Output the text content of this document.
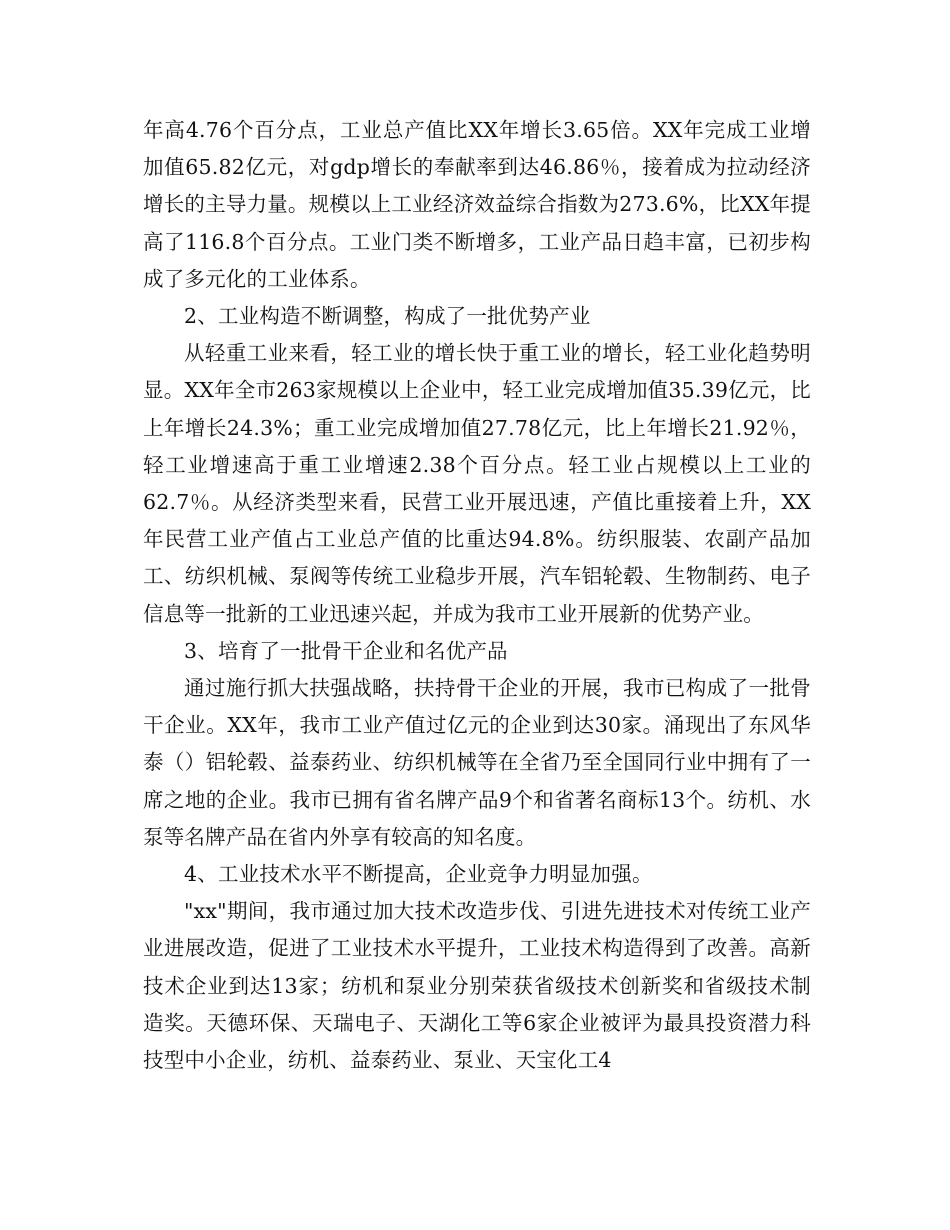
年高4.76个百分点，工业总产值比XX年增长3.65倍。XX年完成工业增加值65.82亿元，对gdp增长的奉献率到达46.86％，接着成为拉动经济增长的主导力量。规模以上工业经济效益综合指数为273.6%，比XX年提高了116.8个百分点。工业门类不断增多，工业产品日趋丰富，已初步构成了多元化的工业体系。

2、工业构造不断调整，构成了一批优势产业

从轻重工业来看，轻工业的增长快于重工业的增长，轻工业化趋势明显。XX年全市263家规模以上企业中，轻工业完成增加值35.39亿元，比上年增长24.3%；重工业完成增加值27.78亿元，比上年增长21.92％，轻工业增速高于重工业增速2.38个百分点。轻工业占规模以上工业的62.7％。从经济类型来看，民营工业开展迅速，产值比重接着上升，XX年民营工业产值占工业总产值的比重达94.8%。纺织服装、农副产品加工、纺织机械、泵阀等传统工业稳步开展，汽车铝轮毂、生物制药、电子信息等一批新的工业迅速兴起，并成为我市工业开展新的优势产业。

3、培育了一批骨干企业和名优产品

通过施行抓大扶强战略，扶持骨干企业的开展，我市已构成了一批骨干企业。XX年，我市工业产值过亿元的企业到达30家。涌现出了东风华泰（）铝轮毂、益泰药业、纺织机械等在全省乃至全国同行业中拥有了一席之地的企业。我市已拥有省名牌产品9个和省著名商标13个。纺机、水泵等名牌产品在省内外享有较高的知名度。

4、工业技术水平不断提高，企业竞争力明显加强。

"xx"期间，我市通过加大技术改造步伐、引进先进技术对传统工业产业进展改造，促进了工业技术水平提升，工业技术构造得到了改善。高新技术企业到达13家；纺机和泵业分别荣获省级技术创新奖和省级技术制造奖。天德环保、天瑞电子、天湖化工等6家企业被评为最具投资潜力科技型中小企业，纺机、益泰药业、泵业、天宝化工4
